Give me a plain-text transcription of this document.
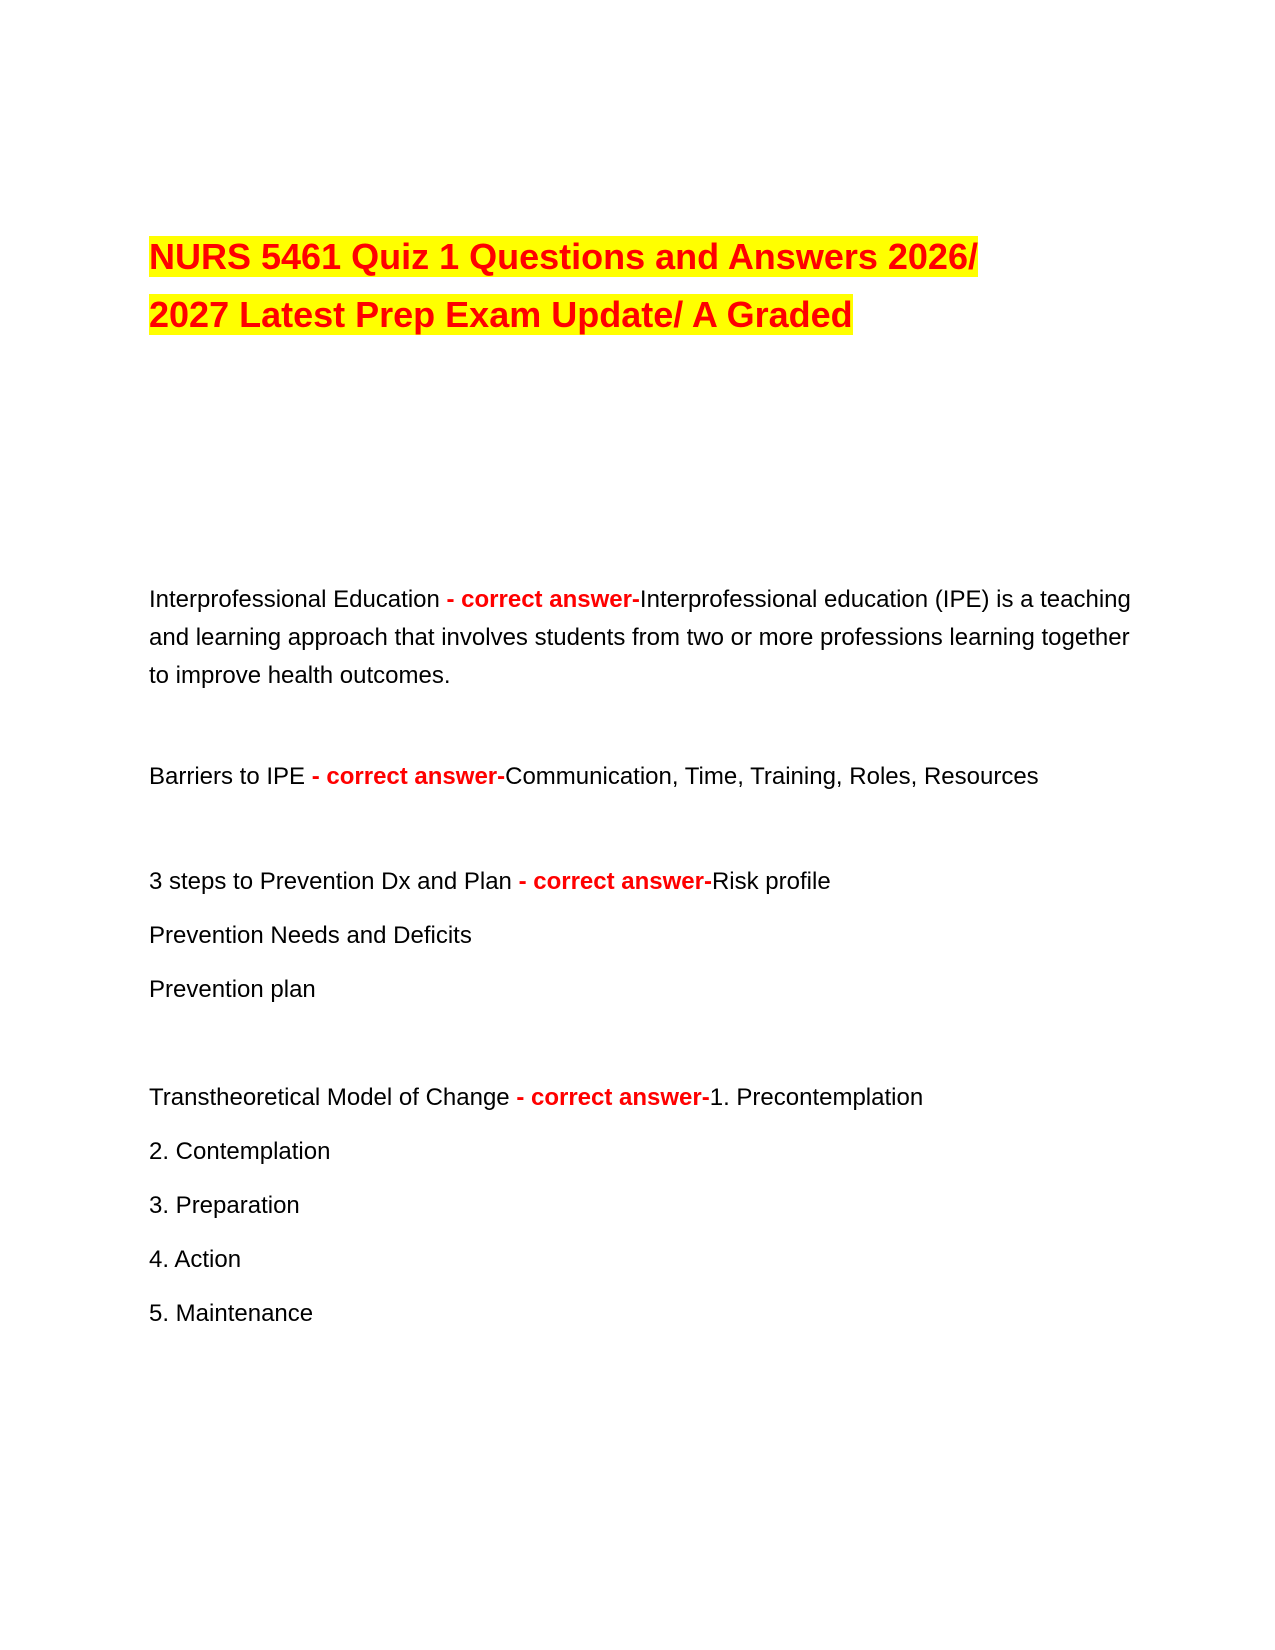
NURS 5461 Quiz 1 Questions and Answers 2026/
2027 Latest Prep Exam Update/ A Graded
Interprofessional Education - correct answer-Interprofessional education (IPE) is a teaching and learning approach that involves students from two or more professions learning together to improve health outcomes.
Barriers to IPE - correct answer-Communication, Time, Training, Roles, Resources
3 steps to Prevention Dx and Plan - correct answer-Risk profile
Prevention Needs and Deficits
Prevention plan
Transtheoretical Model of Change - correct answer-1. Precontemplation
2. Contemplation
3. Preparation
4. Action
5. Maintenance
